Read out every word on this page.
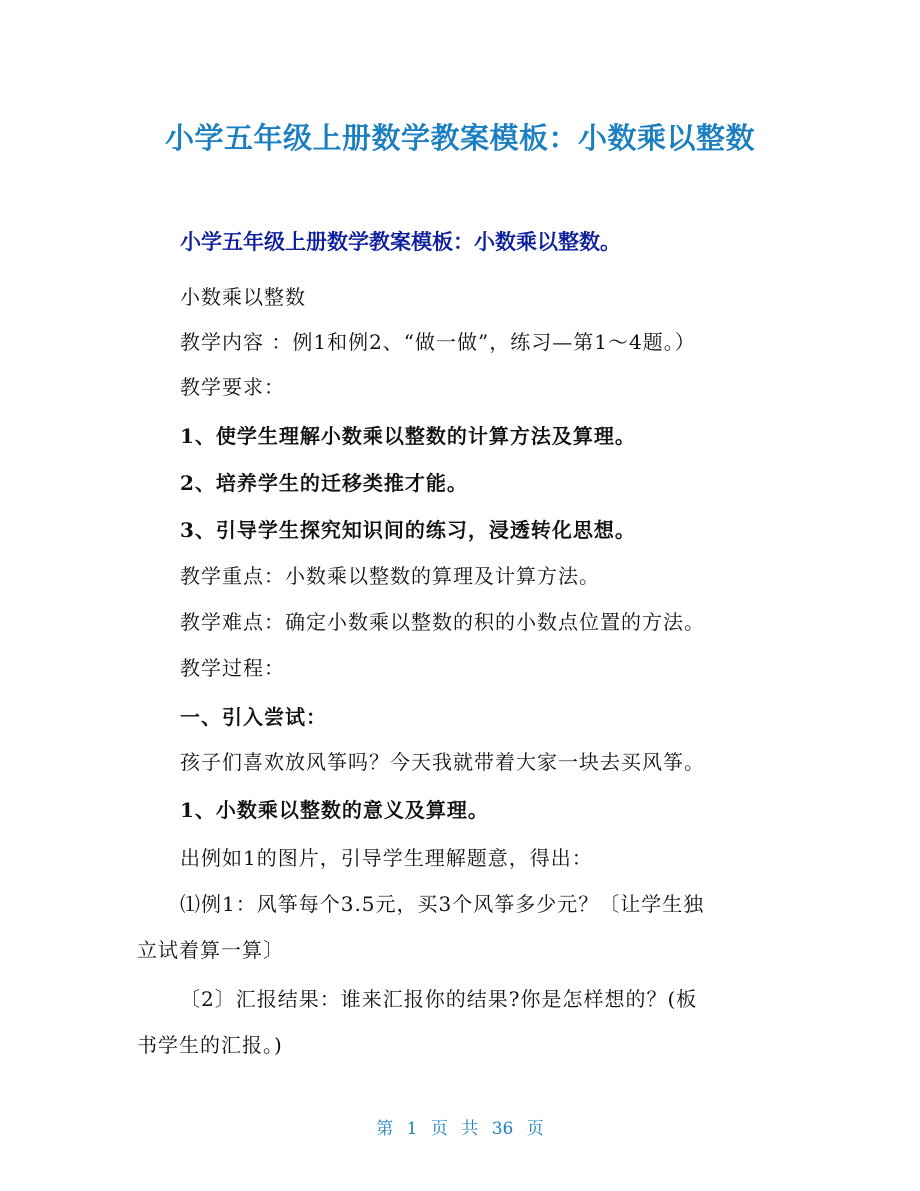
小学五年级上册数学教案模板：小数乘以整数
小学五年级上册数学教案模板：小数乘以整数。
小数乘以整数
教学内容 ：例1和例2、“做一做”，练习—第1～4题。）
教学要求：
1、使学生理解小数乘以整数的计算方法及算理。
2、培养学生的迁移类推才能。
3、引导学生探究知识间的练习，浸透转化思想。
教学重点：小数乘以整数的算理及计算方法。
教学难点：确定小数乘以整数的积的小数点位置的方法。
教学过程：
一、引入尝试：
孩子们喜欢放风筝吗？今天我就带着大家一块去买风筝。
1、小数乘以整数的意义及算理。
出例如1的图片，引导学生理解题意，得出：
⑴例1：风筝每个3.5元，买3个风筝多少元？〔让学生独
立试着算一算〕
〔2〕汇报结果：谁来汇报你的结果?你是怎样想的？(板
书学生的汇报。)
第 1 页 共 36 页
